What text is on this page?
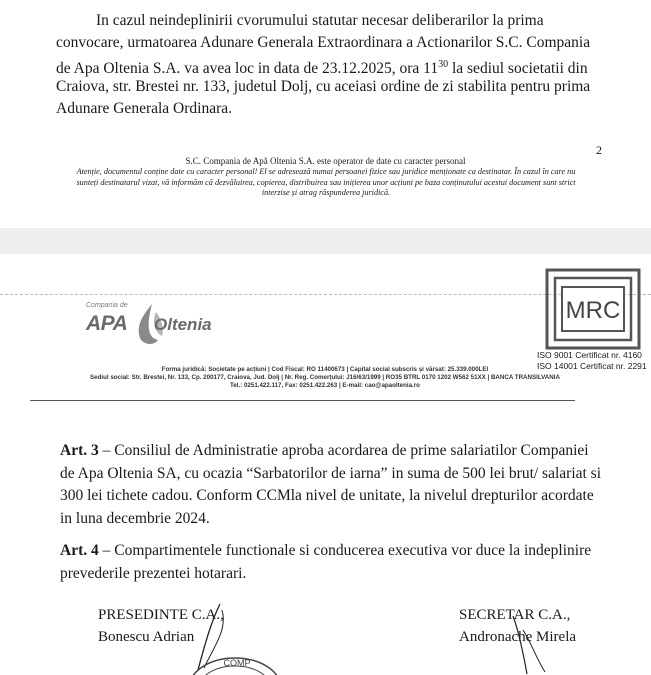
In cazul neindeplinirii cvorumului statutar necesar deliberarilor la prima
convocare, urmatoarea Adunare Generala Extraordinara a Actionarilor S.C. Compania
de Apa Oltenia S.A. va avea loc in data de 23.12.2025, ora $11^{30}$ la sediul societatii din
Craiova, str. Brestei nr. 133, judetul Dolj, cu aceiasi ordine de zi stabilita pentru prima
Adunare Generala Ordinara.
2
S.C. Compania de Apă Oltenia S.A. este operator de date cu caracter personal
Atenție, documentul conține date cu caracter personal! El se adresează numai persoanei fizice sau juridice menționate ca destinatar. În cazul în care nu
sunteți destinatarul vizat, vă informăm că dezvăluirea, copierea, distribuirea sau inițierea unor acțiuni pe baza conținutului acestui document sunt strict
interzise și atrag răspunderea juridică.
Compania de
APA Oltenia
MRC
ISO 9001 Certificat nr. 4160
ISO 14001 Certificat nr. 2291
Forma juridică: Societate pe acțiuni | Cod Fiscal: RO 11400673 | Capital social subscris și vărsat: 25.339.000LEI
Sediul social: Str. Brestei, Nr. 133, Cp. 200177, Craiova, Jud. Dolj | Nr. Reg. Comerțului: J16/63/1999 | RO35 BTRL 0170 1202 W562 51XX | BANCA TRANSILVANIA
Tel.: 0251.422.117, Fax: 0251.422.263 | E-mail: cao@apaoltenia.ro
Art. 3 – Consiliul de Administratie aproba acordarea de prime salariatilor Companiei
de Apa Oltenia SA, cu ocazia “Sarbatorilor de iarna” in suma de 500 lei brut/ salariat si
300 lei tichete cadou. Conform CCMla nivel de unitate, la nivelul drepturilor acordate
in luna decembrie 2024.
Art. 4 – Compartimentele functionale si conducerea executiva vor duce la indeplinire
prevederile prezentei hotarari.
PRESEDINTE C.A.,
Bonescu Adrian
SECRETAR C.A.,
Andronache Mirela
COMP
